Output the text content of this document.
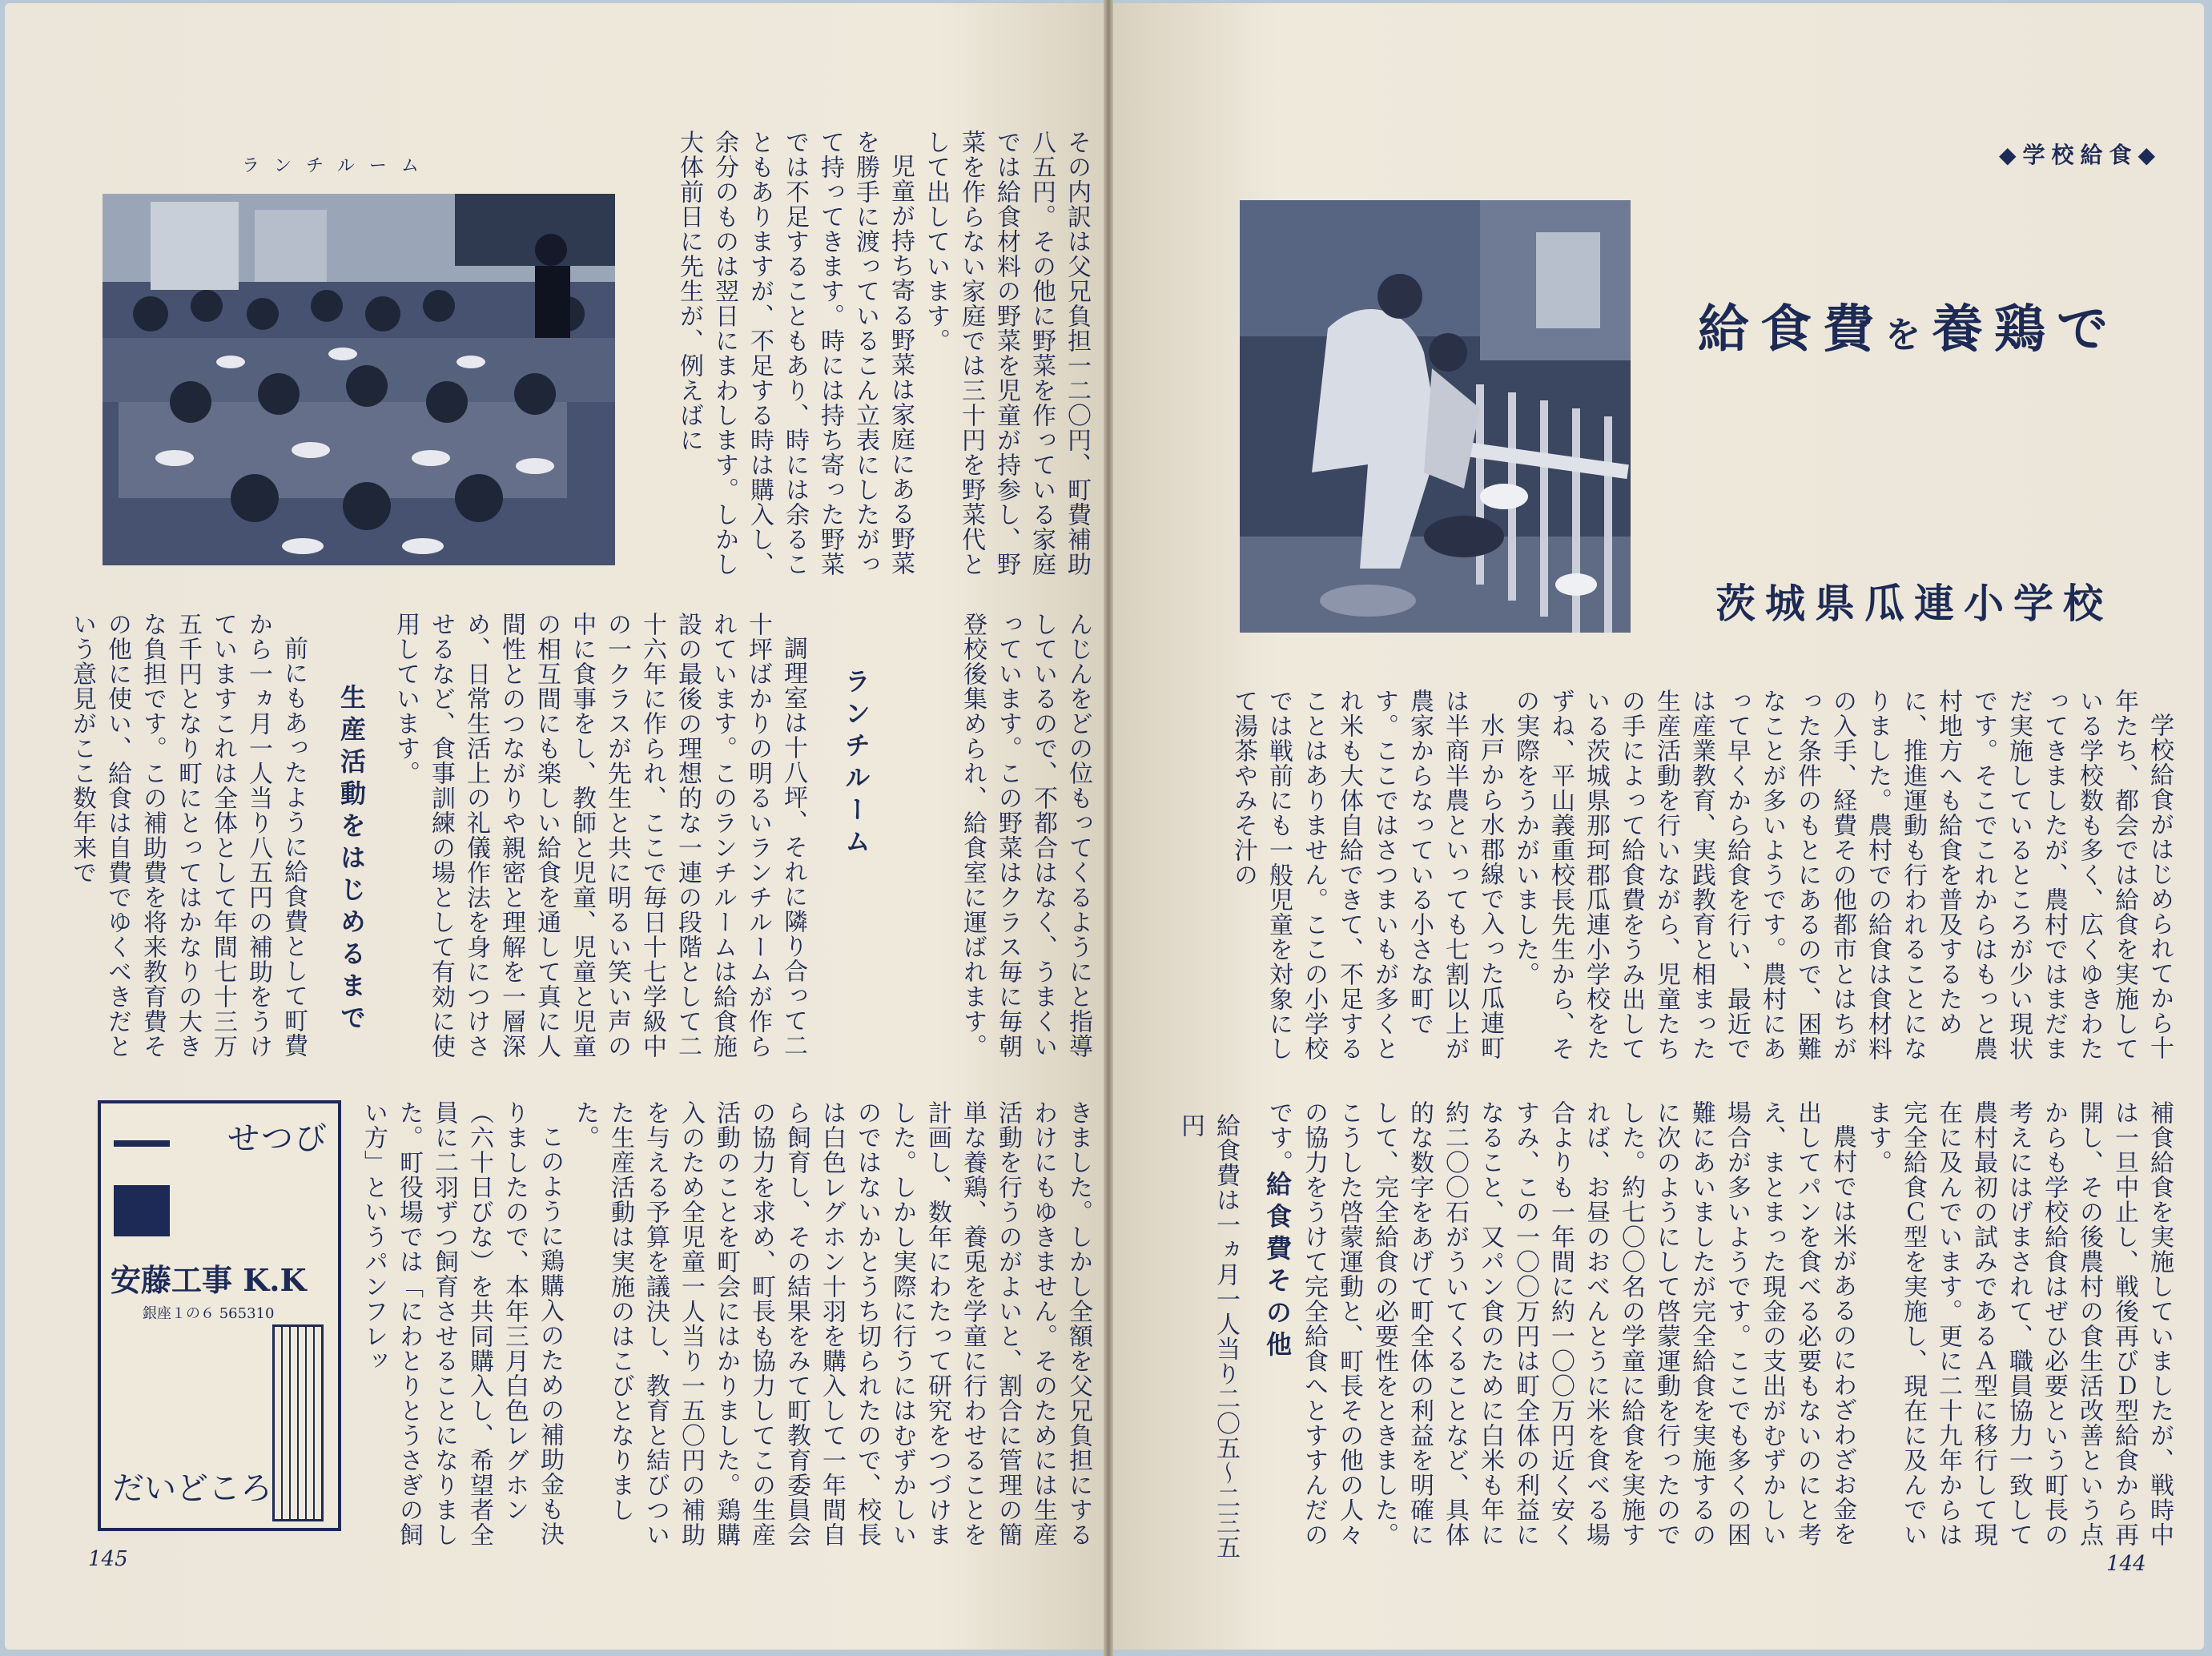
ランチルーム	その内訳は父兄負担一二〇円、町費補助八五円。その他に野菜を作っている家庭では給食材料の野菜を児童が持参し、野菜を作らない家庭では三十円を野菜代として出しています。

児童が持ち寄る野菜は家庭にある野菜を勝手に渡っているこん立表にしたがって持ってきます。時には持ち寄った野菜では不足することもあり、時には余ることもありますが、不足する時は購入し、余分のものは翌日にまわします。しかし大体前日に先生が、例えばに

んじんをどの位もってくるようにと指導しているので、不都合はなく、うまくいっています。この野菜はクラス毎に毎朝登校後集められ、給食室に運ばれます。

ランチルーム

調理室は十八坪、それに隣り合って二十坪ばかりの明るいランチルームが作られています。このランチルームは給食施設の最後の理想的な一連の段階として二十六年に作られ、ここで毎日十七学級中の一クラスが先生と共に明るい笑い声の中に食事をし、教師と児童、児童と児童の相互間にも楽しい給食を通して真に人間性とのつながりや親密と理解を一層深め、日常生活上の礼儀作法を身につけさせるなど、食事訓練の場として有効に使用しています。

生産活動をはじめるまで

前にもあったように給食費として町費から一ヵ月一人当り八五円の補助をうけていますこれは全体として年間七十三万五千円となり町にとってはかなりの大きな負担です。この補助費を将来教育費その他に使い、給食は自費でゆくべきだという意見がここ数年来で

きました。しかし全額を父兄負担にするわけにもゆきません。そのためには生産活動を行うのがよいと、割合に管理の簡単な養鶏、養兎を学童に行わせることを計画し、数年にわたって研究をつづけました。しかし実際に行うにはむずかしいのではないかとうち切られたので、校長は白色レグホン十羽を購入して一年間自ら飼育し、その結果をみて町教育委員会の協力を求め、町長も協力してこの生産活動のことを町会にはかりました。鶏購入のため全児童一人当り一五〇円の補助を与える予算を議決し、教育と結びついた生産活動は実施のはこびとなりました。

このように鶏購入のための補助金も決りましたので、本年三月白色レグホン（六十日びな）を共同購入し、希望者全員に二羽ずつ飼育させることになりました。町役場では「にわとりとうさぎの飼い方」というパンフレッ

せつび
安藤工事 K.K
銀座１の６ 565310
だいどころ
145
◆学校給食◆
給食費を養鶏で
茨城県瓜連小学校

学校給食がはじめられてから十年たち、都会では給食を実施している学校数も多く、広くゆきわたってきましたが、農村ではまだまだ実施しているところが少い現状です。そこでこれからはもっと農村地方へも給食を普及するために、推進運動も行われることになりました。農村での給食は食材料の入手、経費その他都市とはちがった条件のもとにあるので、困難なことが多いようです。農村にあって早くから給食を行い、最近では産業教育、実践教育と相まった生産活動を行いながら、児童たちの手によって給食費をうみ出している茨城県那珂郡瓜連小学校をたずね、平山義重校長先生から、その実際をうかがいました。

水戸から水郡線で入った瓜連町は半商半農といっても七割以上が農家からなっている小さな町です。ここではさつまいもが多くとれ米も大体自給できて、不足することはありません。ここの小学校では戦前にも一般児童を対象にして湯茶やみそ汁の

補食給食を実施していましたが、戦時中は一旦中止し、戦後再びＤ型給食から再開し、その後農村の食生活改善という点からも学校給食はぜひ必要という町長の考えにはげまされて、職員協力一致して農村最初の試みであるＡ型に移行して現在に及んでいます。更に二十九年からは完全給食Ｃ型を実施し、現在に及んでいます。

農村では米があるのにわざわざお金を出してパンを食べる必要もないのにと考え、まとまった現金の支出がむずかしい場合が多いようです。ここでも多くの困難にあいましたが完全給食を実施するのに次のようにして啓蒙運動を行ったのでした。約七〇〇名の学童に給食を実施すれば、お昼のおべんとうに米を食べる場合よりも一年間に約一〇〇万円近く安くすみ、この一〇〇万円は町全体の利益になること、又パン食のために白米も年に約二〇〇石がういてくることなど、具体的な数字をあげて町全体の利益を明確にして、完全給食の必要性をときました。こうした啓蒙運動と、町長その他の人々の協力をうけて完全給食へとすすんだのです。

給食費その他

給食費は一ヵ月一人当り二〇五〜二三五円

144
